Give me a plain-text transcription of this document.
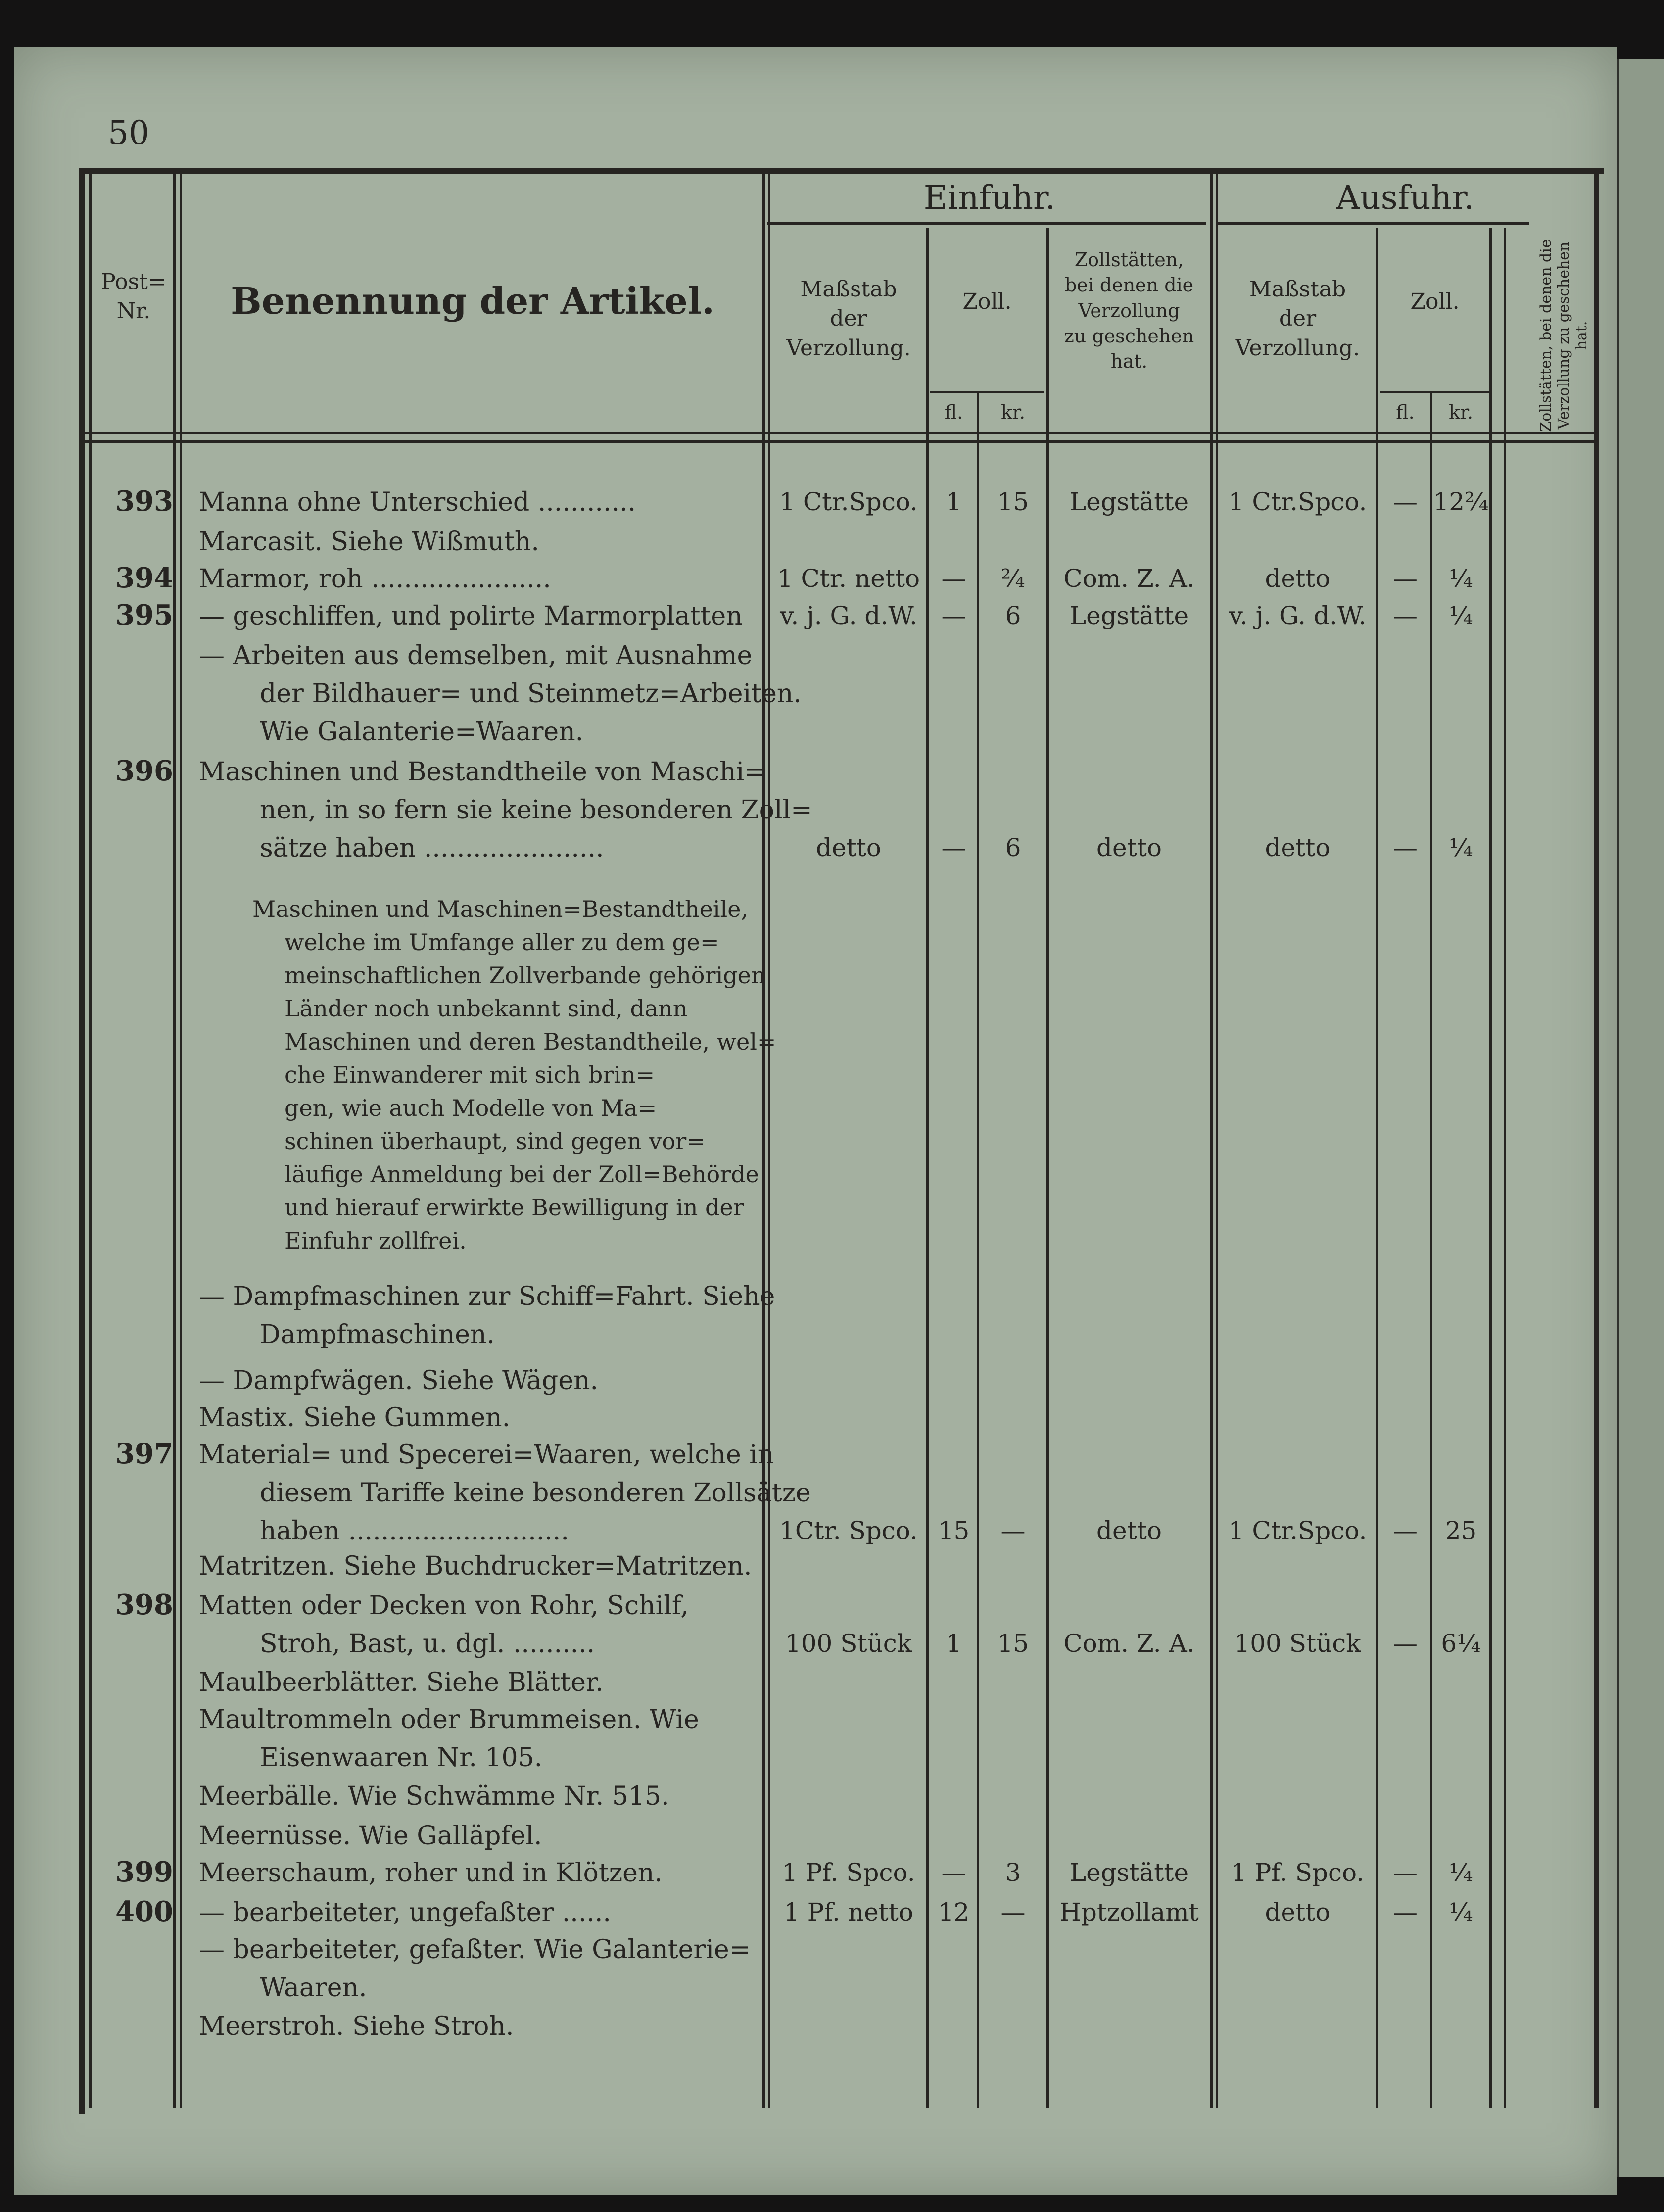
50
Post=
Nr.	Benennung der Artikel.
Einfuhr.	Ausfuhr.
Maßstab
der
Verzollung.
Zoll.
fl.	kr.
Zollstätten,
bei denen die
Verzollung
zu geschehen
hat.
Maßstab
der
Verzollung.
Zoll.
fl.	kr.	Zollstätten, bei denen die Verzollung zu geschehen hat.
393 Manna ohne Unterschied ............	1 Ctr.Spco.	1	15	Legstätte	1 Ctr.Spco.	— 12²⁄₄
Marcasit. Siehe Wißmuth.
394 Marmor, roh ......................	1 Ctr. netto —	²⁄₄	Com. Z. A.	detto	—	¼
395 — geschliffen, und polirte Marmorplatten	v. j. G. d.W. —	6	Legstätte	v. j. G. d.W.	—	¼
— Arbeiten aus demselben, mit Ausnahme
der Bildhauer= und Steinmetz=Arbeiten.
Wie Galanterie=Waaren.
396 Maschinen und Bestandtheile von Maschi=
nen, in so fern sie keine besonderen Zoll=
sätze haben ......................	detto	—	6	detto	detto	—	¼
Maschinen und Maschinen=Bestandtheile,
welche im Umfange aller zu dem ge=
meinschaftlichen Zollverbande gehörigen
Länder noch unbekannt sind, dann
Maschinen und deren Bestandtheile, wel=
che Einwanderer mit sich brin=
gen, wie auch Modelle von Ma=
schinen überhaupt, sind gegen vor=
läufige Anmeldung bei der Zoll=Behörde
und hierauf erwirkte Bewilligung in der
Einfuhr zollfrei.
— Dampfmaschinen zur Schiff=Fahrt. Siehe
Dampfmaschinen.
— Dampfwägen. Siehe Wägen.
Mastix. Siehe Gummen.
397 Material= und Specerei=Waaren, welche in
diesem Tariffe keine besonderen Zollsätze
haben ...........................	1Ctr. Spco. 15	—	detto	1 Ctr.Spco.	—	25
Matritzen. Siehe Buchdrucker=Matritzen.
398 Matten oder Decken von Rohr, Schilf,
Stroh, Bast, u. dgl. ..........	100 Stück	1	15	Com. Z. A.	100 Stück	— 6¼
Maulbeerblätter. Siehe Blätter.
Maultrommeln oder Brummeisen. Wie
Eisenwaaren Nr. 105.
Meerbälle. Wie Schwämme Nr. 515.
Meernüsse. Wie Galläpfel.
399 Meerschaum, roher und in Klötzen.	1 Pf. Spco.	—	3	Legstätte	1 Pf. Spco.	—	¼
400 — bearbeiteter, ungefaßter ......	1 Pf. netto 12	—	Hptzollamt	detto	—	¼
— bearbeiteter, gefaßter. Wie Galanterie=
Waaren.
Meerstroh. Siehe Stroh.
